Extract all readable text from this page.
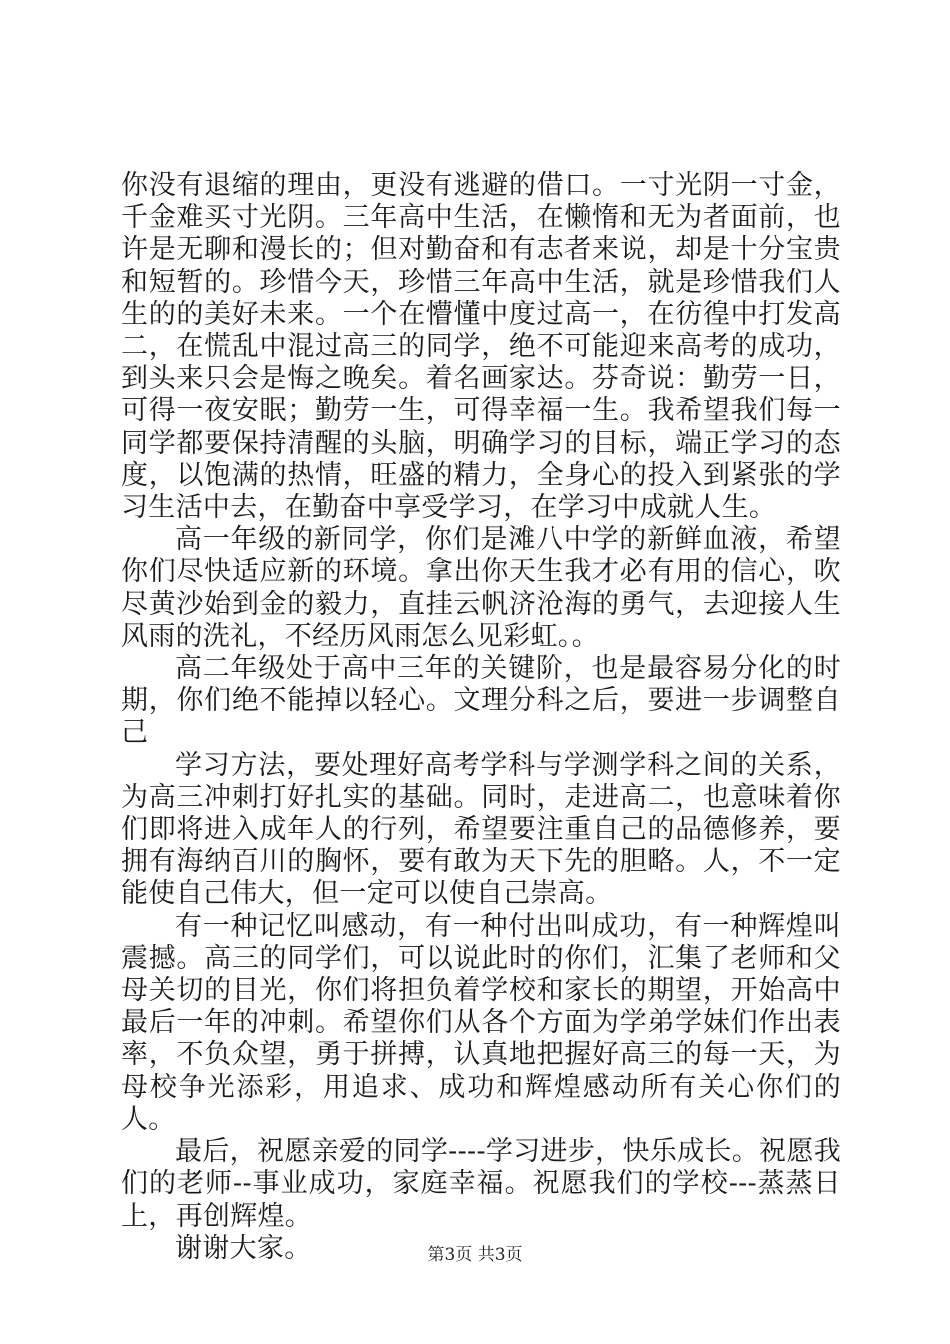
你没有退缩的理由，更没有逃避的借口。一寸光阴一寸金，千金难买寸光阴。三年高中生活，在懒惰和无为者面前，也许是无聊和漫长的；但对勤奋和有志者来说，却是十分宝贵和短暂的。珍惜今天，珍惜三年高中生活，就是珍惜我们人生的的美好未来。一个在懵懂中度过高一，在彷徨中打发高二，在慌乱中混过高三的同学，绝不可能迎来高考的成功，到头来只会是悔之晚矣。着名画家达。芬奇说：勤劳一日，可得一夜安眠；勤劳一生，可得幸福一生。我希望我们每一同学都要保持清醒的头脑，明确学习的目标，端正学习的态度，以饱满的热情，旺盛的精力，全身心的投入到紧张的学习生活中去，在勤奋中享受学习，在学习中成就人生。

高一年级的新同学，你们是滩八中学的新鲜血液，希望你们尽快适应新的环境。拿出你天生我才必有用的信心，吹尽黄沙始到金的毅力，直挂云帆济沧海的勇气，去迎接人生风雨的洗礼，不经历风雨怎么见彩虹。。

高二年级处于高中三年的关键阶，也是最容易分化的时期，你们绝不能掉以轻心。文理分科之后，要进一步调整自己

学习方法，要处理好高考学科与学测学科之间的关系，为高三冲刺打好扎实的基础。同时，走进高二，也意味着你们即将进入成年人的行列，希望要注重自己的品德修养，要拥有海纳百川的胸怀，要有敢为天下先的胆略。人，不一定能使自己伟大，但一定可以使自己崇高。

有一种记忆叫感动，有一种付出叫成功，有一种辉煌叫震撼。高三的同学们，可以说此时的你们，汇集了老师和父母关切的目光，你们将担负着学校和家长的期望，开始高中最后一年的冲刺。希望你们从各个方面为学弟学妹们作出表率，不负众望，勇于拼搏，认真地把握好高三的每一天，为母校争光添彩，用追求、成功和辉煌感动所有关心你们的人。

最后，祝愿亲爱的同学----学习进步，快乐成长。祝愿我们的老师--事业成功，家庭幸福。祝愿我们的学校---蒸蒸日上，再创辉煌。

谢谢大家。	第3页 共3页
